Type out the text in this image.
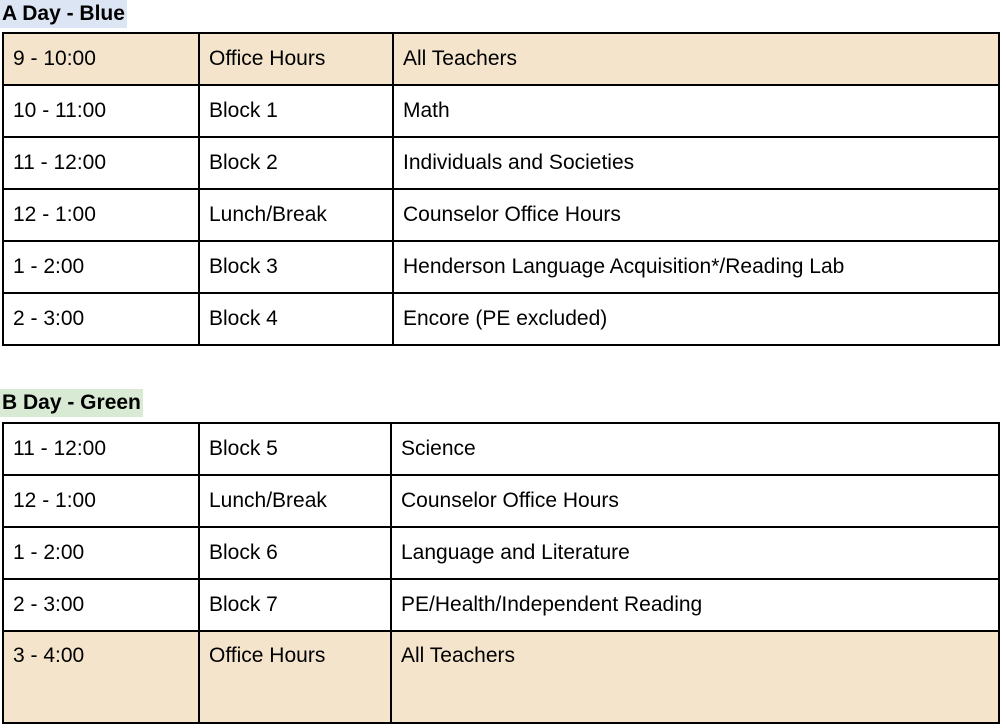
A Day - Blue
9 - 10:00	Office Hours	All Teachers
10 - 11:00	Block 1	Math
11 - 12:00	Block 2	Individuals and Societies
12 - 1:00	Lunch/Break	Counselor Office Hours
1 - 2:00	Block 3	Henderson Language Acquisition*/Reading Lab
2 - 3:00	Block 4	Encore (PE excluded)
B Day - Green
11 - 12:00	Block 5	Science
12 - 1:00	Lunch/Break	Counselor Office Hours
1 - 2:00	Block 6	Language and Literature
2 - 3:00	Block 7	PE/Health/Independent Reading
3 - 4:00	Office Hours	All Teachers
